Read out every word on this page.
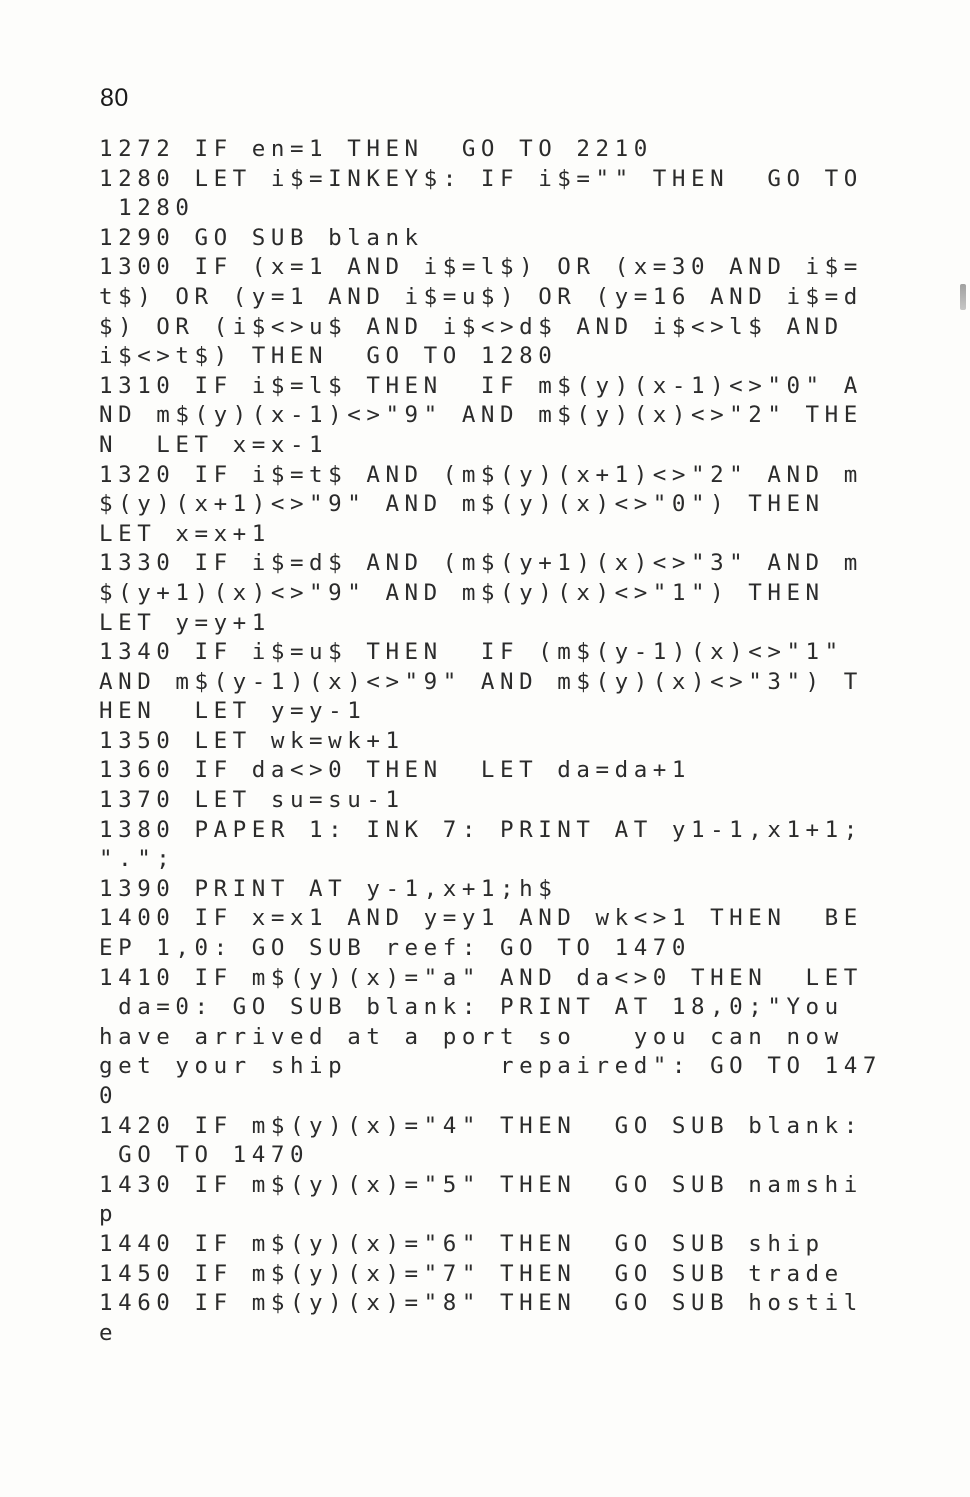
80
1272 IF en=1 THEN  GO TO 2210
1280 LET i$=INKEY$: IF i$="" THEN  GO TO
1280
1290 GO SUB blank
1300 IF (x=1 AND i$=l$) OR (x=30 AND i$=
t$) OR (y=1 AND i$=u$) OR (y=16 AND i$=d
$) OR (i$<>u$ AND i$<>d$ AND i$<>l$ AND
i$<>t$) THEN  GO TO 1280
1310 IF i$=l$ THEN  IF m$(y)(x-1)<>"0" A
ND m$(y)(x-1)<>"9" AND m$(y)(x)<>"2" THE
N  LET x=x-1
1320 IF i$=t$ AND (m$(y)(x+1)<>"2" AND m
$(y)(x+1)<>"9" AND m$(y)(x)<>"0") THEN
LET x=x+1
1330 IF i$=d$ AND (m$(y+1)(x)<>"3" AND m
$(y+1)(x)<>"9" AND m$(y)(x)<>"1") THEN
LET y=y+1
1340 IF i$=u$ THEN  IF (m$(y-1)(x)<>"1"
AND m$(y-1)(x)<>"9" AND m$(y)(x)<>"3") T
HEN  LET y=y-1
1350 LET wk=wk+1
1360 IF da<>0 THEN  LET da=da+1
1370 LET su=su-1
1380 PAPER 1: INK 7: PRINT AT y1-1,x1+1;
".";
1390 PRINT AT y-1,x+1;h$
1400 IF x=x1 AND y=y1 AND wk<>1 THEN  BE
EP 1,0: GO SUB reef: GO TO 1470
1410 IF m$(y)(x)="a" AND da<>0 THEN  LET
da=0: GO SUB blank: PRINT AT 18,0;"You
have arrived at a port so   you can now
get your ship        repaired": GO TO 147
0
1420 IF m$(y)(x)="4" THEN  GO SUB blank:
GO TO 1470
1430 IF m$(y)(x)="5" THEN  GO SUB namshi
p
1440 IF m$(y)(x)="6" THEN  GO SUB ship
1450 IF m$(y)(x)="7" THEN  GO SUB trade
1460 IF m$(y)(x)="8" THEN  GO SUB hostil
e
